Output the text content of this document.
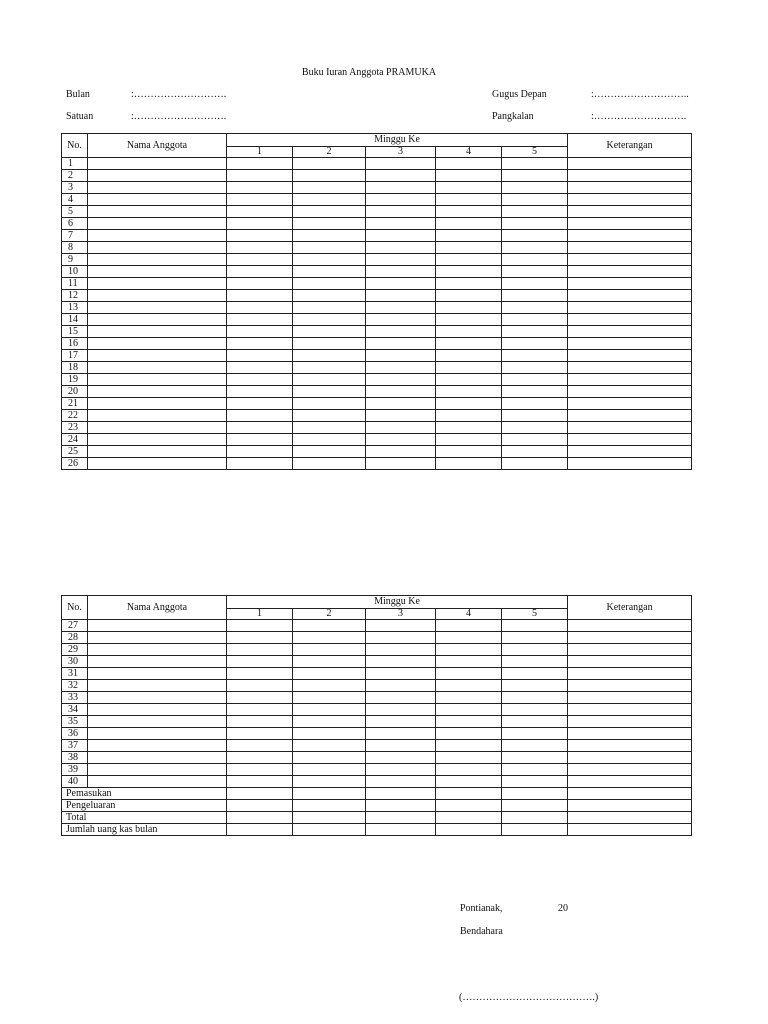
Buku Iuran Anggota PRAMUKA
Bulan	:……………………….
Satuan	:……………………….
Gugus Depan	:………………………..
Pangkalan	:……………………….
No.	Nama Anggota	Minggu Ke					Keterangan
		1	2	3	4	5	
1							
2							
3							
4							
5							
6							
7							
8							
9							
10							
11							
12							
13							
14							
15							
16							
17							
18							
19							
20							
21							
22							
23							
24							
25							
26							
No.	Nama Anggota	Minggu Ke					Keterangan
		1	2	3	4	5	
27							
28							
29							
30							
31							
32							
33							
34							
35							
36							
37							
38							
39							
40							
Pemasukan							
Pengeluaran							
Total							
Jumlah uang kas bulan							
Pontianak,	20
Bendahara
(………………………………….)
